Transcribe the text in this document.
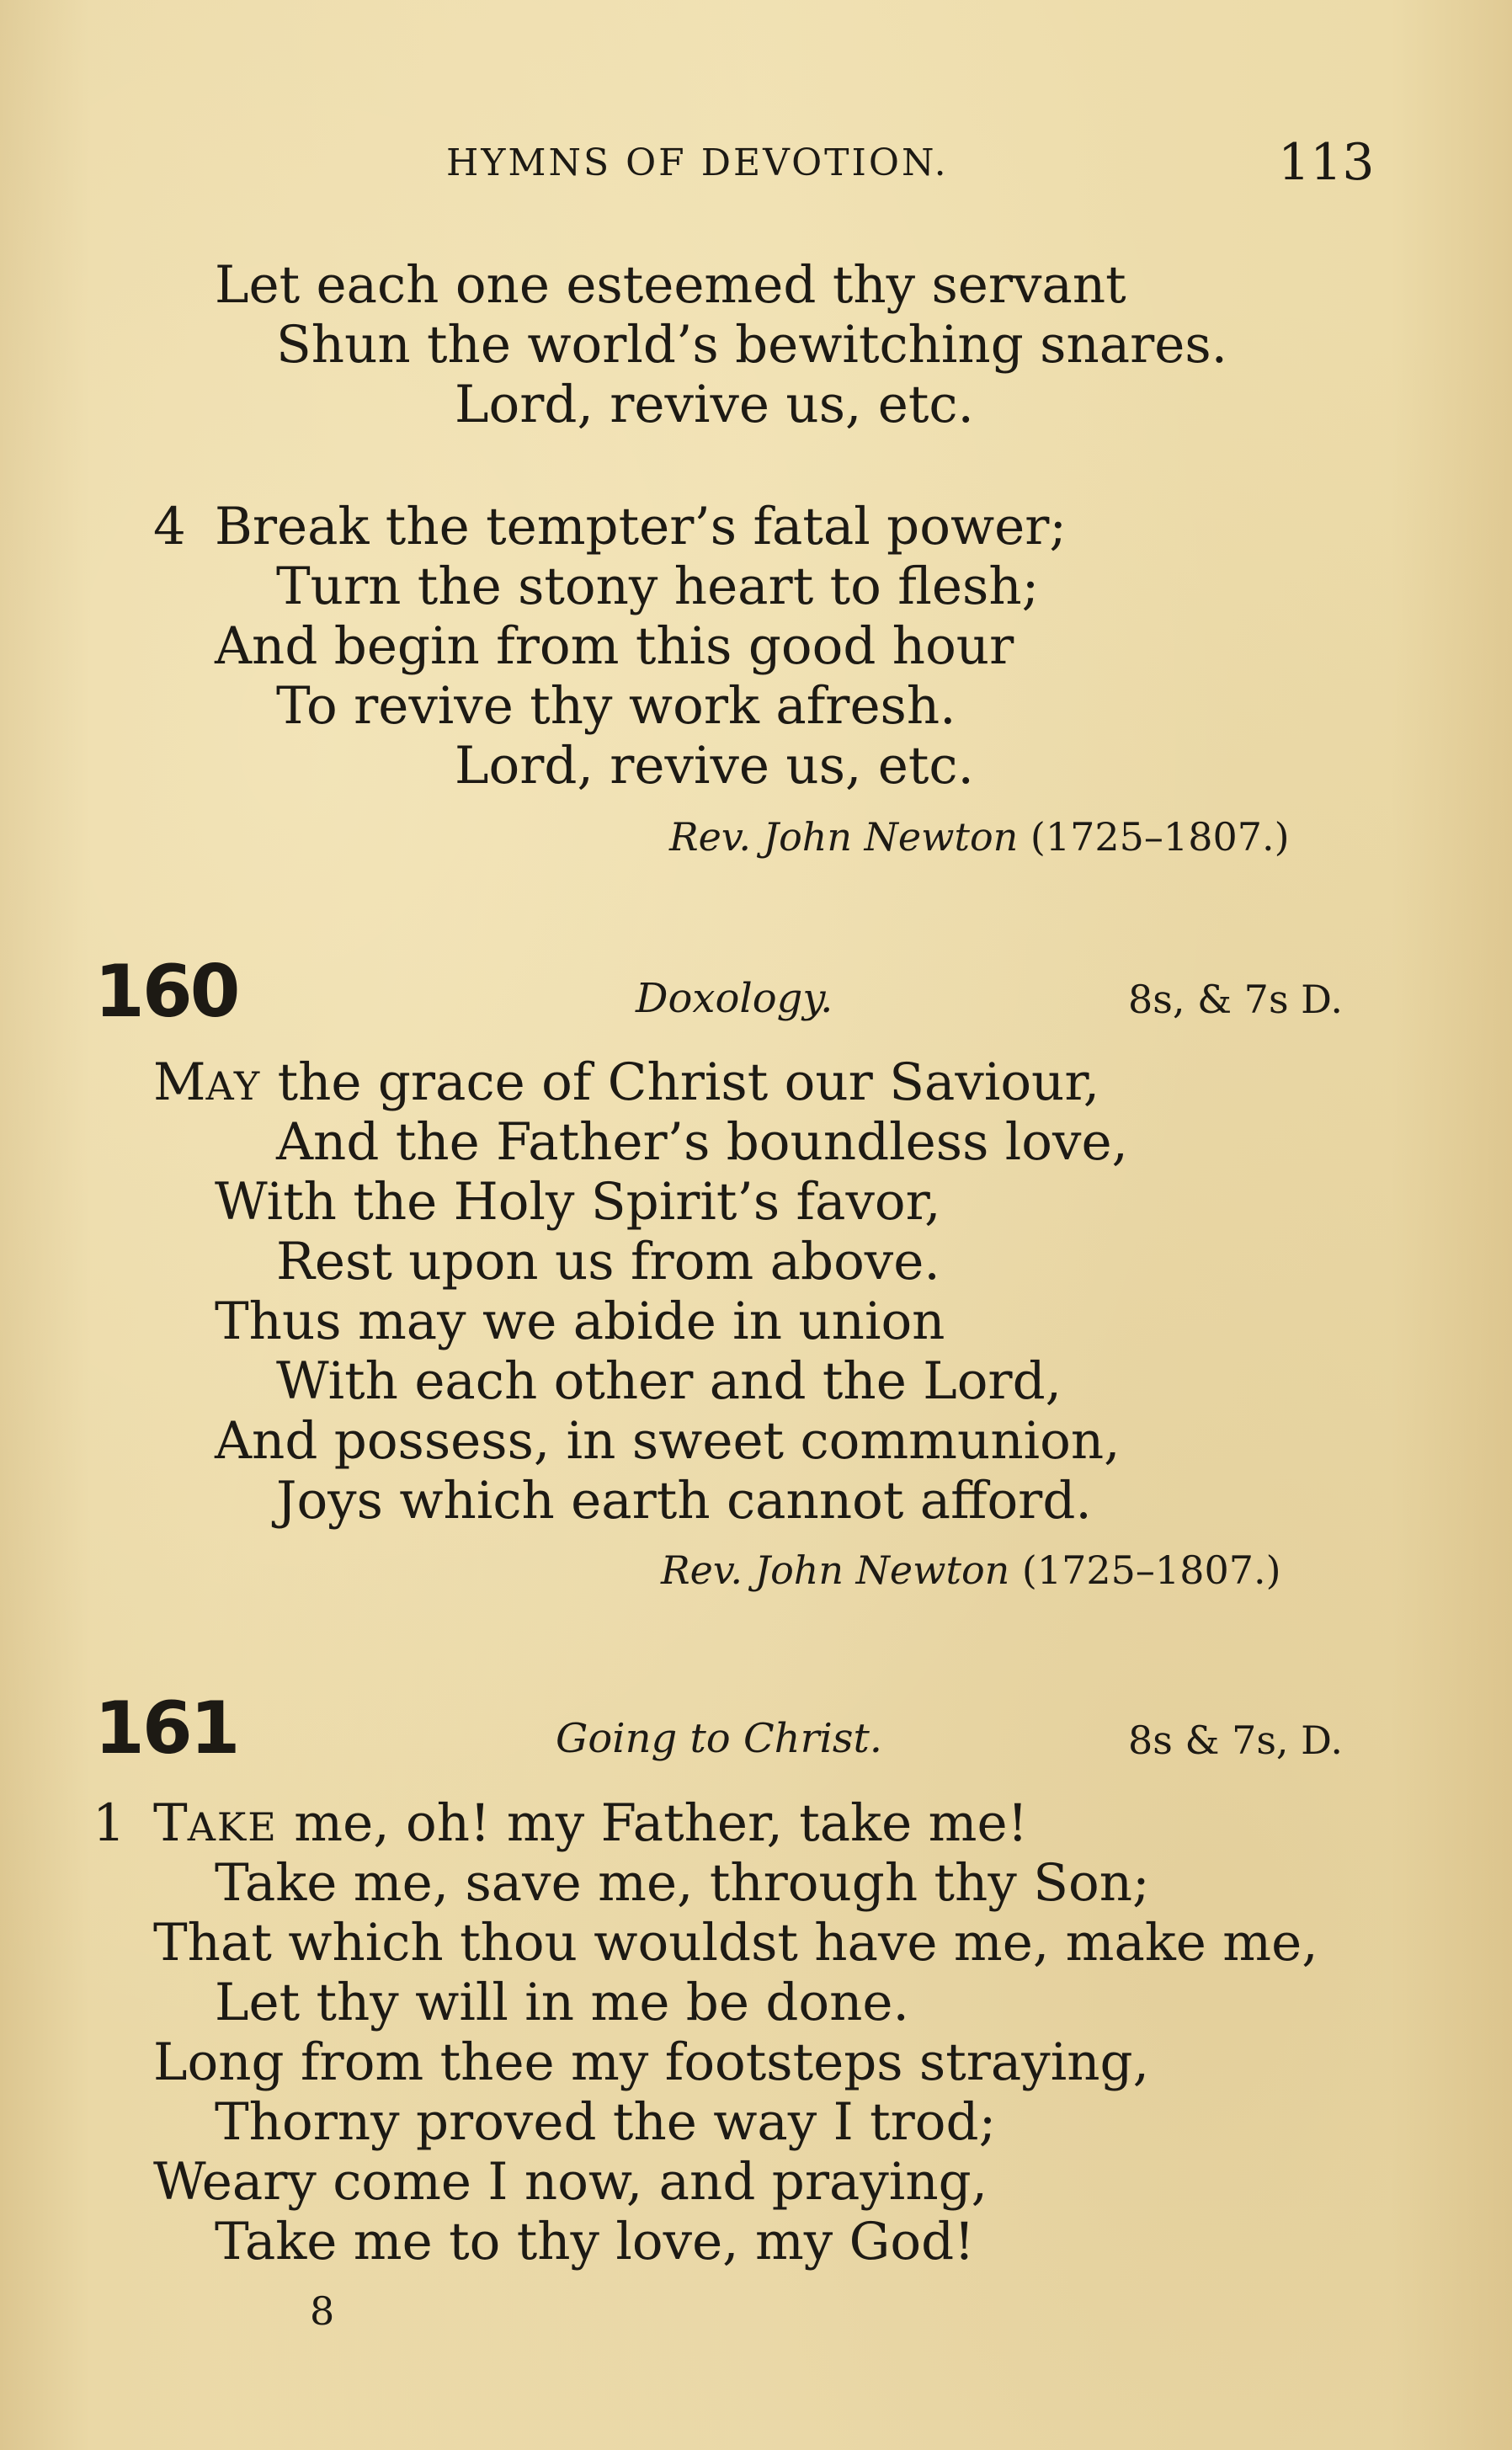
HYMNS OF DEVOTION.	113
Let each one esteemed thy servant
Shun the world’s bewitching snares.
Lord, revive us, etc.
4 Break the tempter’s fatal power;
Turn the stony heart to flesh;
And begin from this good hour
To revive thy work afresh.
Lord, revive us, etc.
Rev. John Newton (1725–1807.)
160	Doxology.	8s, & 7s D.
MAY the grace of Christ our Saviour,
And the Father’s boundless love,
With the Holy Spirit’s favor,
Rest upon us from above.
Thus may we abide in union
With each other and the Lord,
And possess, in sweet communion,
Joys which earth cannot afford.
Rev. John Newton (1725–1807.)
161	Going to Christ.	8s & 7s, D.
1 TAKE me, oh! my Father, take me!
Take me, save me, through thy Son;
That which thou wouldst have me, make me,
Let thy will in me be done.
Long from thee my footsteps straying,
Thorny proved the way I trod;
Weary come I now, and praying,
Take me to thy love, my God!
8
